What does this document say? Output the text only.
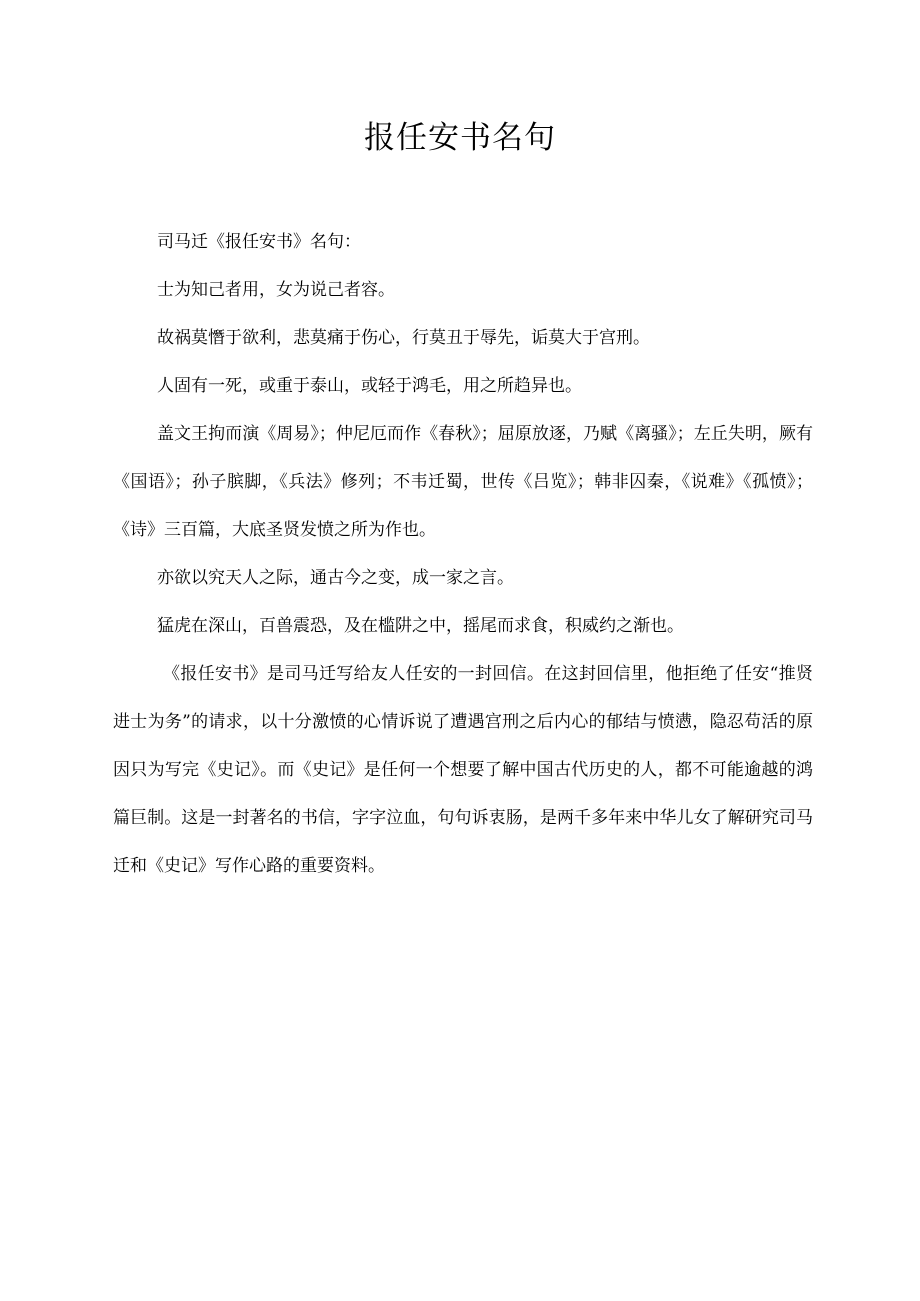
报任安书名句

司马迁《报任安书》名句：

士为知己者用，女为说己者容。

故祸莫憯于欲利，悲莫痛于伤心，行莫丑于辱先，诟莫大于宫刑。

人固有一死，或重于泰山，或轻于鸿毛，用之所趋异也。

盖文王拘而演《周易》；仲尼厄而作《春秋》；屈原放逐，乃赋《离骚》；左丘失明，厥有《国语》；孙子膑脚，《兵法》修列；不韦迁蜀，世传《吕览》；韩非囚秦，《说难》《孤愤》；《诗》三百篇，大底圣贤发愤之所为作也。

亦欲以究天人之际，通古今之变，成一家之言。

猛虎在深山，百兽震恐，及在槛阱之中，摇尾而求食，积威约之渐也。

《报任安书》是司马迁写给友人任安的一封回信。在这封回信里，他拒绝了任安“推贤进士为务”的请求，以十分激愤的心情诉说了遭遇宫刑之后内心的郁结与愤懑，隐忍苟活的原因只为写完《史记》。而《史记》是任何一个想要了解中国古代历史的人，都不可能逾越的鸿篇巨制。这是一封著名的书信，字字泣血，句句诉衷肠，是两千多年来中华儿女了解研究司马迁和《史记》写作心路的重要资料。
